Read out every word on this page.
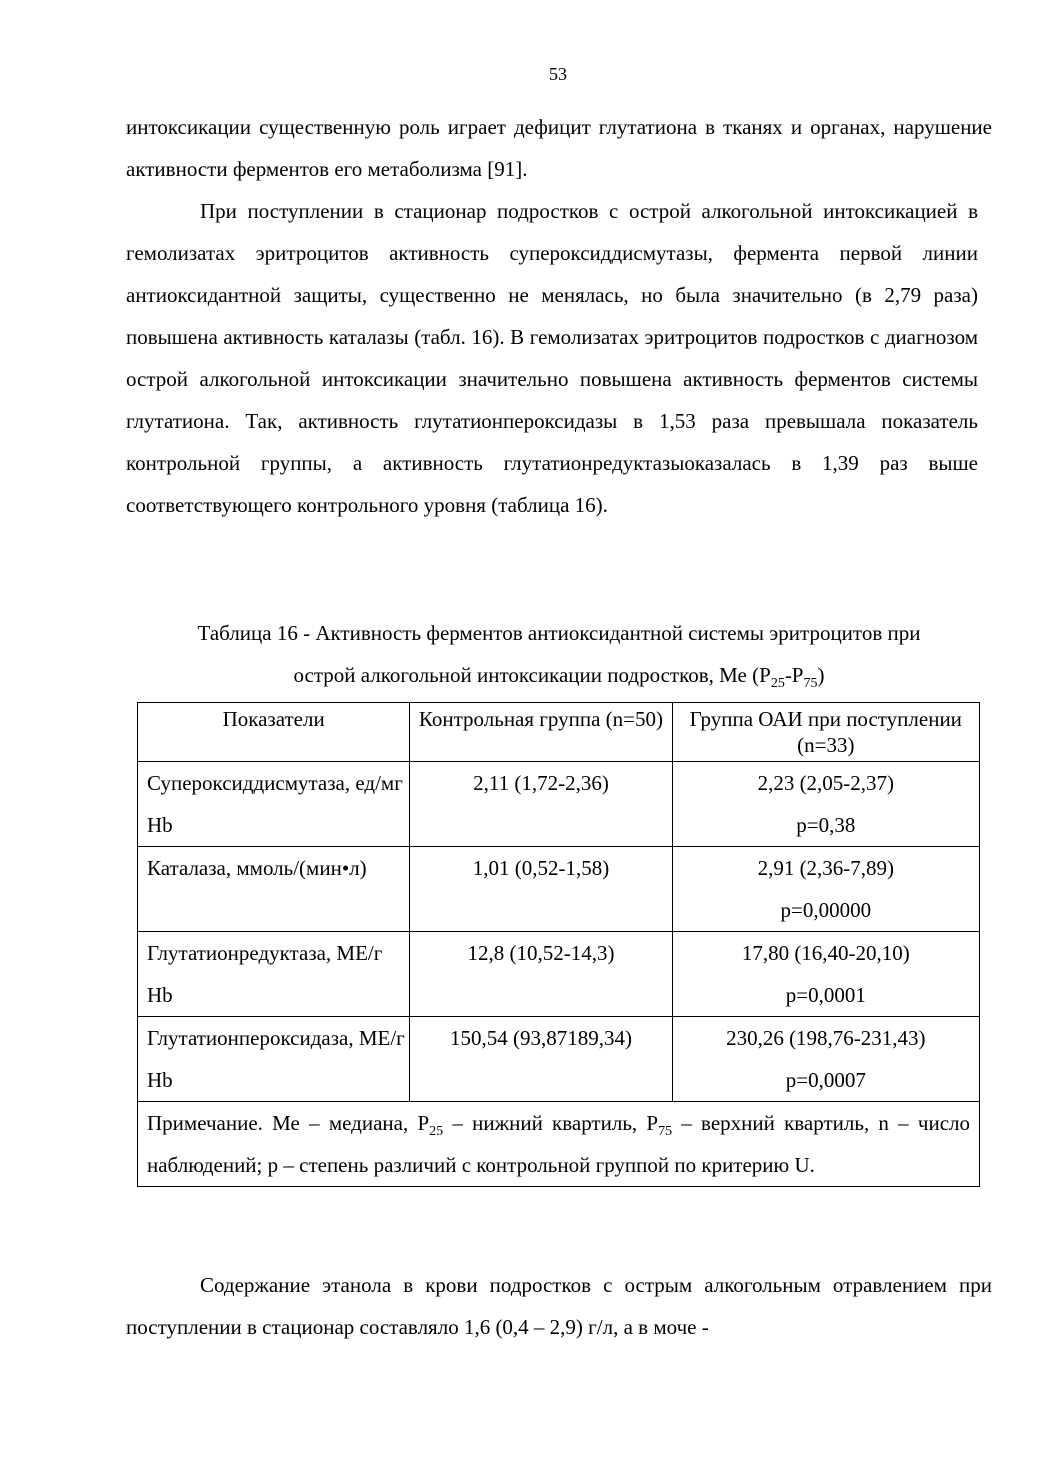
53
интоксикации существенную роль играет дефицит глутатиона в тканях и органах, нарушение активности ферментов его метаболизма [91].
При поступлении в стационар подростков с острой алкогольной интоксикацией в гемолизатах эритроцитов активность супероксиддисмутазы, фермента первой линии антиоксидантной защиты, существенно не менялась, но была значительно (в 2,79 раза) повышена активность каталазы (табл. 16). В гемолизатах эритроцитов подростков с диагнозом острой алкогольной интоксикации значительно повышена активность ферментов системы глутатиона. Так, активность глутатионпероксидазы в 1,53 раза превышала показатель контрольной группы, а активность глутатионредуктазыоказалась в 1,39 раз выше соответствующего контрольного уровня (таблица 16).
Таблица 16 - Активность ферментов антиоксидантной системы эритроцитов при
острой алкогольной интоксикации подростков, Ме $(Р_{25}-Р_{75})$
Показатели	Контрольная группа (n=50)	Группа ОАИ при поступлении (n=33)
Супероксиддисмутаза, ед/мг Hb	2,11 (1,72-2,36)	2,23 (2,05-2,37)
p=0,38

Каталаза, ммоль/(мин•л)	1,01 (0,52-1,58)	2,91 (2,36-7,89)
p=0,00000

Глутатионредуктаза, МЕ/г Hb	12,8 (10,52-14,3)	17,80 (16,40-20,10)
p=0,0001

Глутатионпероксидаза, МЕ/г Hb	150,54 (93,87189,34)	230,26 (198,76-231,43)
p=0,0007

Примечание. Ме – медиана, $Р_{25}$ – нижний квартиль, $Р_{75}$ – верхний квартиль, n – число наблюдений; р – степень различий с контрольной группой по критерию U.		
Содержание этанола в крови подростков с острым алкогольным отравлением при поступлении в стационар составляло 1,6 (0,4 – 2,9) г/л, а в моче -
